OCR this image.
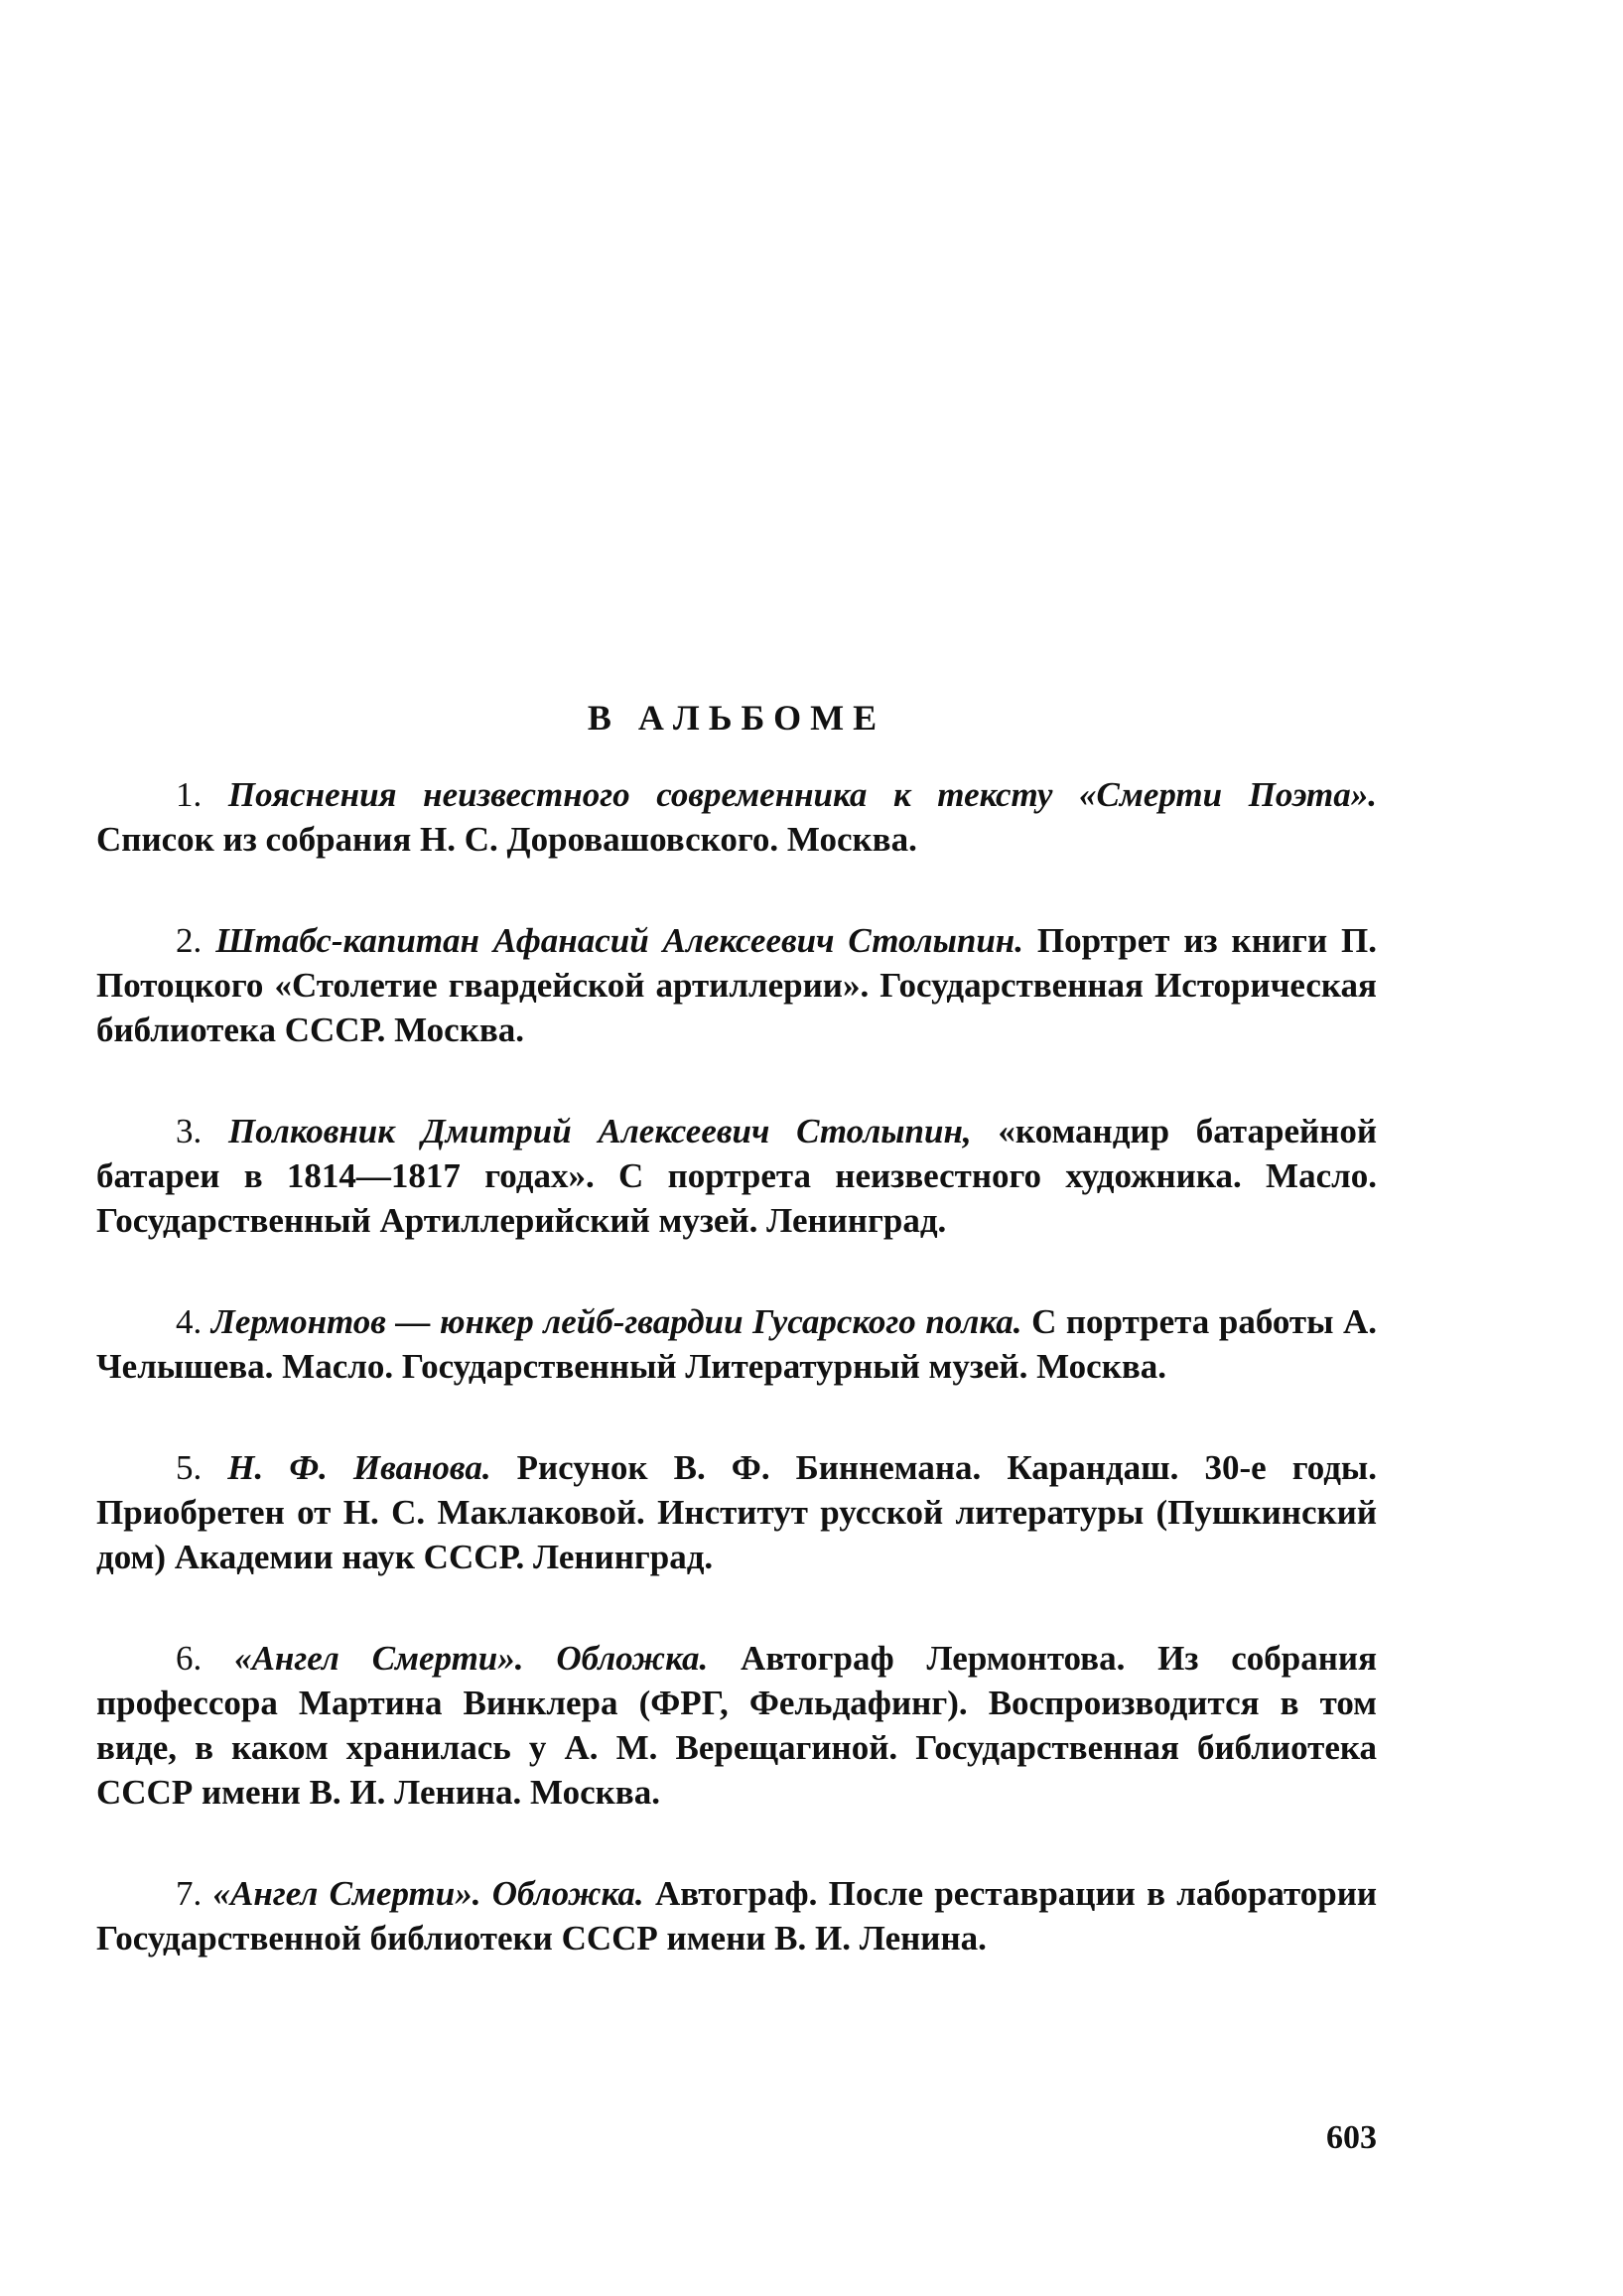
В АЛЬБОМЕ

1. Пояснения неизвестного современника к тексту «Смерти Поэта». Список из собрания Н. С. Доровашовского. Москва.

2. Штабс-капитан Афанасий Алексеевич Столыпин. Портрет из книги П. Потоцкого «Столетие гвардейской артиллерии». Государственная Историческая библиотека СССР. Москва.

3. Полковник Дмитрий Алексеевич Столыпин, «командир батарейной батареи в 1814—1817 годах». С портрета неизвестного художника. Масло. Государственный Артиллерийский музей. Ленинград.

4. Лермонтов — юнкер лейб-гвардии Гусарского полка. С портрета работы А. Челышева. Масло. Государственный Литературный музей. Москва.

5. Н. Ф. Иванова. Рисунок В. Ф. Биннемана. Карандаш. 30-е годы. Приобретен от Н. С. Маклаковой. Институт русской литературы (Пушкинский дом) Академии наук СССР. Ленинград.

6. «Ангел Смерти». Обложка. Автограф Лермонтова. Из собрания профессора Мартина Винклера (ФРГ, Фельдафинг). Воспроизводится в том виде, в каком хранилась у А. М. Верещагиной. Государственная библиотека СССР имени В. И. Ленина. Москва.

7. «Ангел Смерти». Обложка. Автограф. После реставрации в лаборатории Государственной библиотеки СССР имени В. И. Ленина.

603
